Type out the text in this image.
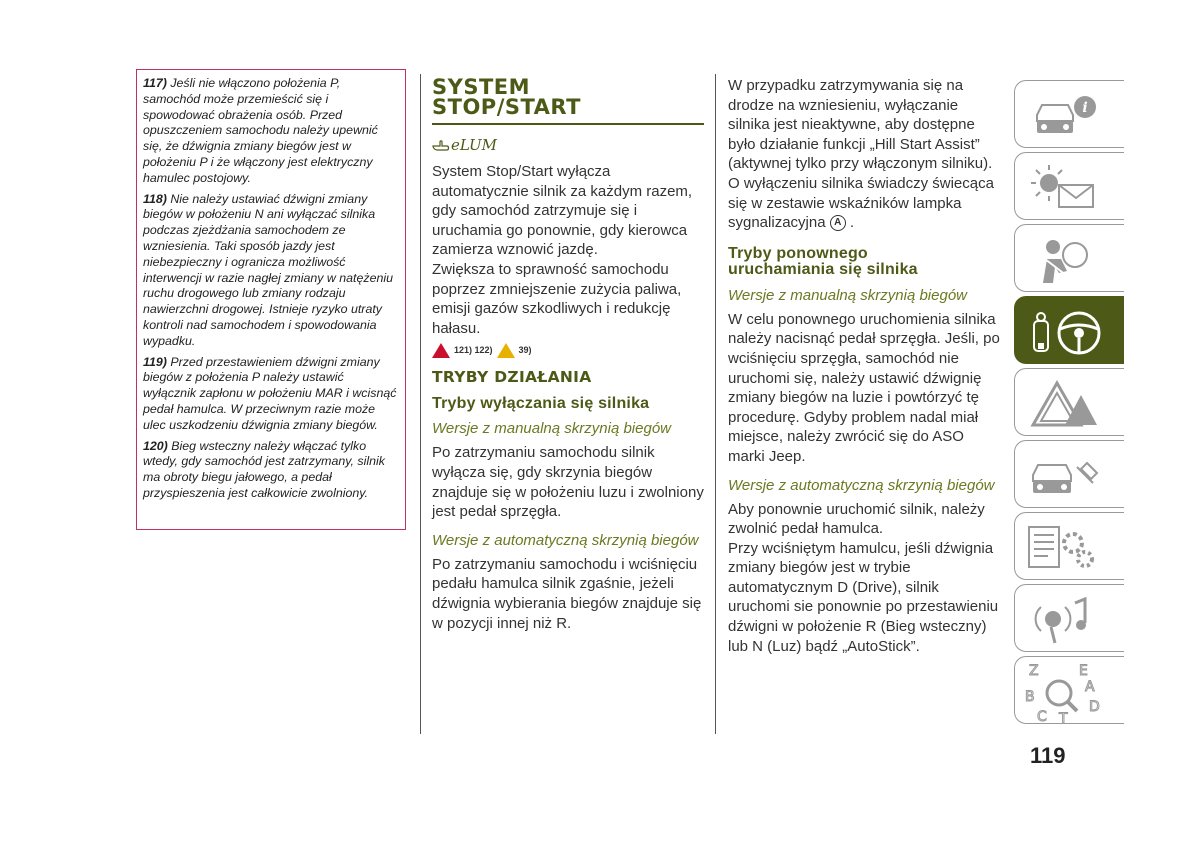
117) Jeśli nie włączono położenia P, samochód może przemieścić się i spowodować obrażenia osób. Przed opuszczeniem samochodu należy upewnić się, że dźwignia zmiany biegów jest w położeniu P i że włączony jest elektryczny hamulec postojowy.

118) Nie należy ustawiać dźwigni zmiany biegów w położeniu N ani wyłączać silnika podczas zjeżdżania samochodem ze wzniesienia. Taki sposób jazdy jest niebezpieczny i ogranicza możliwość interwencji w razie nagłej zmiany w natężeniu ruchu drogowego lub zmiany rodzaju nawierzchni drogowej. Istnieje ryzyko utraty kontroli nad samochodem i spowodowania wypadku.

119) Przed przestawieniem dźwigni zmiany biegów z położenia P należy ustawić wyłącznik zapłonu w położeniu MAR i wcisnąć pedał hamulca. W przeciwnym razie może ulec uszkodzeniu dźwignia zmiany biegów.

120) Bieg wsteczny należy włączać tylko wtedy, gdy samochód jest zatrzymany, silnik ma obroty biegu jałowego, a pedał przyspieszenia jest całkowicie zwolniony.

SYSTEM
STOP/START
eLUM
System Stop/Start wyłącza automatycznie silnik za każdym razem, gdy samochód zatrzymuje się i uruchamia go ponownie, gdy kierowca zamierza wznowić jazdę.
Zwiększa to sprawność samochodu poprzez zmniejszenie zużycia paliwa, emisji gazów szkodliwych i redukcję hałasu.
121) 122)	39)
TRYBY DZIAŁANIA
Tryby wyłączania się silnika
Wersje z manualną skrzynią biegów
Po zatrzymaniu samochodu silnik wyłącza się, gdy skrzynia biegów znajduje się w położeniu luzu i zwolniony jest pedał sprzęgła.
Wersje z automatyczną skrzynią biegów
Po zatrzymaniu samochodu i wciśnięciu pedału hamulca silnik zgaśnie, jeżeli dźwignia wybierania biegów znajduje się w pozycji innej niż R.
W przypadku zatrzymywania się na drodze na wzniesieniu, wyłączanie silnika jest nieaktywne, aby dostępne było działanie funkcji „Hill Start Assist” (aktywnej tylko przy włączonym silniku). O wyłączeniu silnika świadczy świecąca się w zestawie wskaźników lampka sygnalizacyjna A .
Tryby ponownego
uruchamiania się silnika
Wersje z manualną skrzynią biegów
W celu ponownego uruchomienia silnika należy nacisnąć pedał sprzęgła. Jeśli, po wciśnięciu sprzęgła, samochód nie uruchomi się, należy ustawić dźwignię zmiany biegów na luzie i powtórzyć tę procedurę. Gdyby problem nadal miał miejsce, należy zwrócić się do ASO marki Jeep.
Wersje z automatyczną skrzynią biegów
Aby ponownie uruchomić silnik, należy zwolnić pedał hamulca.
Przy wciśniętym hamulcu, jeśli dźwignia zmiany biegów jest w trybie automatycznym D (Drive), silnik uruchomi sie ponownie po przestawieniu dźwigni w położenie R (Bieg wsteczny) lub N (Luz) bądź „AutoStick”.
i
Z	E
B
A
C T
D
119
